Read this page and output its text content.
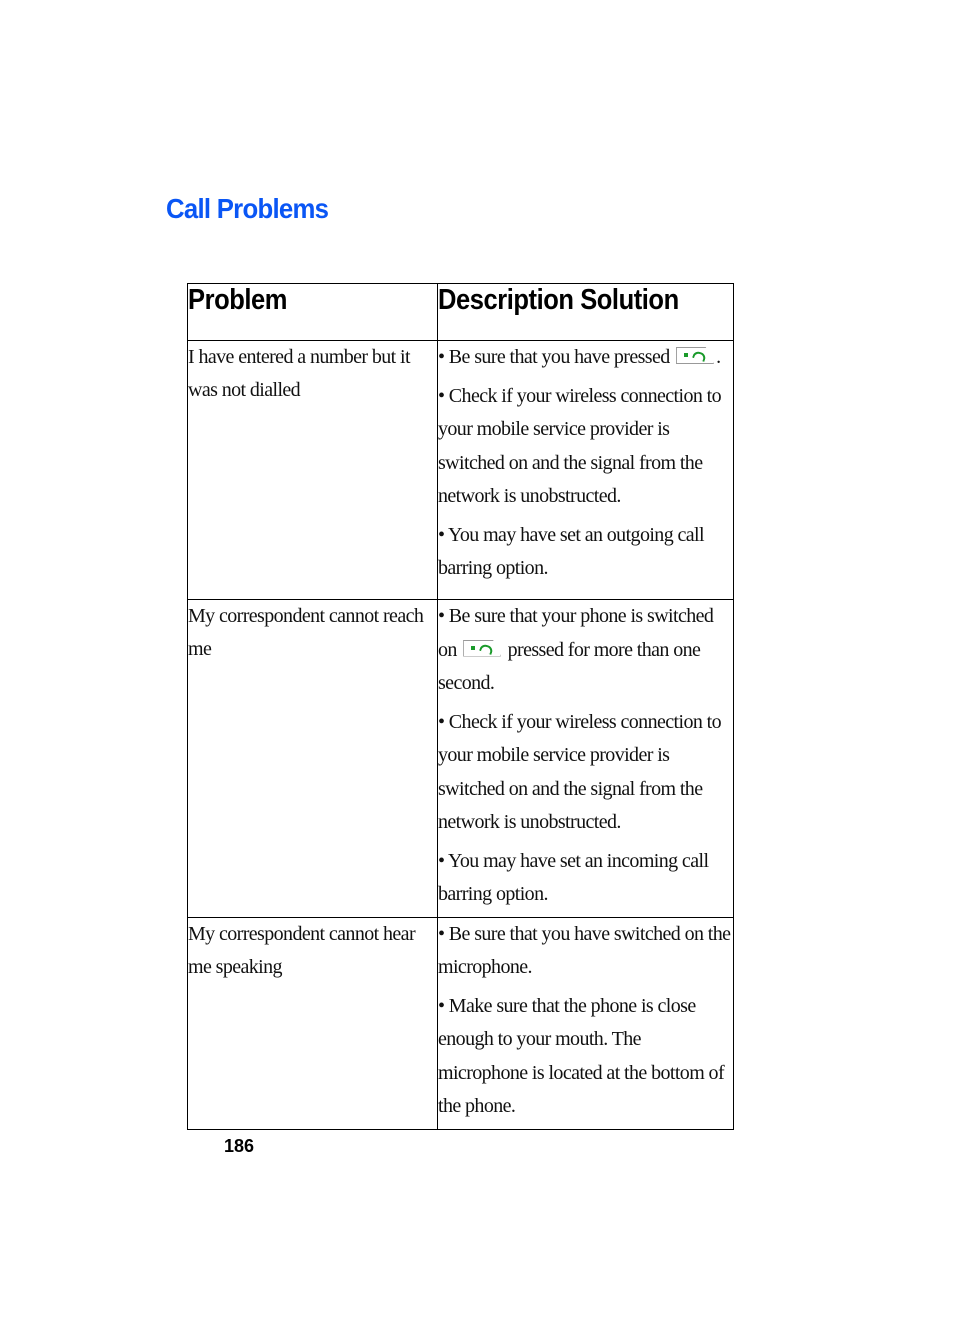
Call Problems
Problem	Description Solution
I have entered a number but it was not dialled	• Be sure that you have pressed .
• Check if your wireless connection to your mobile service provider is switched on and the signal from the network is unobstructed.
• You may have set an outgoing call barring option.

My correspondent cannot reach me	• Be sure that your phone is switched on  pressed for more than one second.
• Check if your wireless connection to your mobile service provider is switched on and the signal from the network is unobstructed.
• You may have set an incoming call barring option.

My correspondent cannot hear me speaking	• Be sure that you have switched on the microphone.
• Make sure that the phone is close enough to your mouth. The microphone is located at the bottom of the phone.
186
